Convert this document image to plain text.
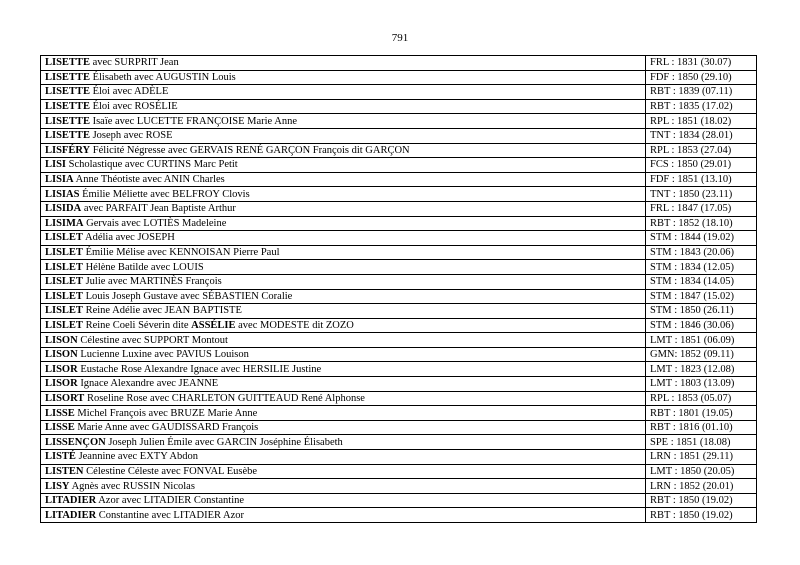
791
LISETTE avec SURPRIT Jean	FRL : 1831 (30.07)
LISETTE Élisabeth avec AUGUSTIN Louis	FDF : 1850 (29.10)
LISETTE Éloi avec ADÈLE	RBT : 1839 (07.11)
LISETTE Éloi avec ROSÉLIE	RBT : 1835 (17.02)
LISETTE Isaïe avec LUCETTE FRANÇOISE Marie Anne	RPL : 1851 (18.02)
LISETTE Joseph avec ROSE	TNT : 1834 (28.01)
LISFÉRY Félicité Négresse avec GERVAIS RENÉ GARÇON François dit GARÇON	RPL : 1853 (27.04)
LISI Scholastique avec CURTINS Marc Petit	FCS : 1850 (29.01)
LISIA Anne Théotiste avec ANIN Charles	FDF : 1851 (13.10)
LISIAS Émilie Méliette avec BELFROY Clovis	TNT : 1850 (23.11)
LISIDA avec PARFAIT Jean Baptiste Arthur	FRL : 1847 (17.05)
LISIMA Gervais avec LOTIÈS Madeleine	RBT : 1852 (18.10)
LISLET Adélia avec JOSEPH	STM : 1844 (19.02)
LISLET Émilie Mélise avec KENNOISAN Pierre Paul	STM : 1843 (20.06)
LISLET Hélène Batilde avec LOUIS	STM : 1834 (12.05)
LISLET Julie avec MARTINÈS François	STM : 1834 (14.05)
LISLET Louis Joseph Gustave avec SÉBASTIEN Coralie	STM : 1847 (15.02)
LISLET Reine Adélie avec JEAN BAPTISTE	STM : 1850 (26.11)
LISLET Reine Coeli Séverin dite ASSÉLIE avec MODESTE dit ZOZO	STM : 1846 (30.06)
LISON Célestine avec SUPPORT Montout	LMT : 1851 (06.09)
LISON Lucienne Luxine avec PAVIUS Louison	GMN: 1852 (09.11)
LISOR Eustache Rose Alexandre Ignace avec HERSILIE Justine	LMT : 1823 (12.08)
LISOR Ignace Alexandre avec JEANNE	LMT : 1803 (13.09)
LISORT Roseline Rose avec CHARLETON GUITTEAUD René Alphonse	RPL : 1853 (05.07)
LISSE Michel François avec BRUZE Marie Anne	RBT : 1801 (19.05)
LISSE Marie Anne avec GAUDISSARD François	RBT : 1816 (01.10)
LISSENÇON Joseph Julien Émile avec GARCIN Joséphine Élisabeth	SPE : 1851 (18.08)
LISTÉ Jeannine avec EXTY Abdon	LRN : 1851 (29.11)
LISTEN Célestine Céleste avec FONVAL Eusèbe	LMT : 1850 (20.05)
LISY Agnès avec RUSSIN Nicolas	LRN : 1852 (20.01)
LITADIER Azor avec LITADIER Constantine	RBT : 1850 (19.02)
LITADIER Constantine avec LITADIER Azor	RBT : 1850 (19.02)
